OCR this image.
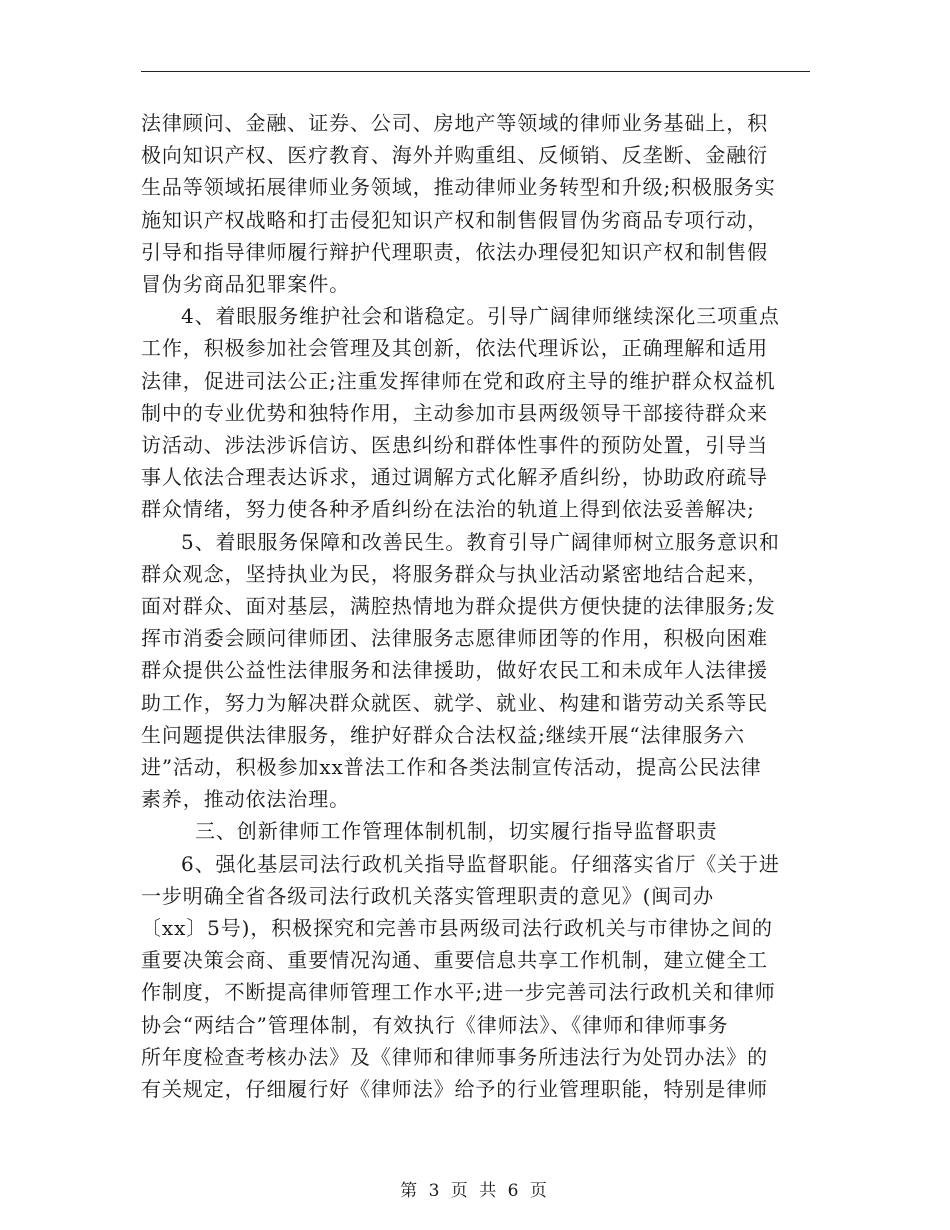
法律顾问、金融、证券、公司、房地产等领域的律师业务基础上，积
极向知识产权、医疗教育、海外并购重组、反倾销、反垄断、金融衍
生品等领域拓展律师业务领域，推动律师业务转型和升级;积极服务实
施知识产权战略和打击侵犯知识产权和制售假冒伪劣商品专项行动，
引导和指导律师履行辩护代理职责，依法办理侵犯知识产权和制售假
冒伪劣商品犯罪案件。

4、着眼服务维护社会和谐稳定。引导广阔律师继续深化三项重点
工作，积极参加社会管理及其创新，依法代理诉讼，正确理解和适用
法律，促进司法公正;注重发挥律师在党和政府主导的维护群众权益机
制中的专业优势和独特作用，主动参加市县两级领导干部接待群众来
访活动、涉法涉诉信访、医患纠纷和群体性事件的预防处置，引导当
事人依法合理表达诉求，通过调解方式化解矛盾纠纷，协助政府疏导
群众情绪，努力使各种矛盾纠纷在法治的轨道上得到依法妥善解决;

5、着眼服务保障和改善民生。教育引导广阔律师树立服务意识和
群众观念，坚持执业为民，将服务群众与执业活动紧密地结合起来，
面对群众、面对基层，满腔热情地为群众提供方便快捷的法律服务;发
挥市消委会顾问律师团、法律服务志愿律师团等的作用，积极向困难
群众提供公益性法律服务和法律援助，做好农民工和未成年人法律援
助工作，努力为解决群众就医、就学、就业、构建和谐劳动关系等民
生问题提供法律服务，维护好群众合法权益;继续开展“法律服务六
进”活动，积极参加xx普法工作和各类法制宣传活动，提高公民法律
素养，推动依法治理。

三、创新律师工作管理体制机制，切实履行指导监督职责

6、强化基层司法行政机关指导监督职能。仔细落实省厅《关于进
一步明确全省各级司法行政机关落实管理职责的意见》(闽司办
〔xx〕5号)，积极探究和完善市县两级司法行政机关与市律协之间的
重要决策会商、重要情况沟通、重要信息共享工作机制，建立健全工
作制度，不断提高律师管理工作水平;进一步完善司法行政机关和律师
协会“两结合”管理体制，有效执行《律师法》、《律师和律师事务
所年度检查考核办法》及《律师和律师事务所违法行为处罚办法》的
有关规定，仔细履行好《律师法》给予的行业管理职能，特别是律师

第 3 页 共 6 页
